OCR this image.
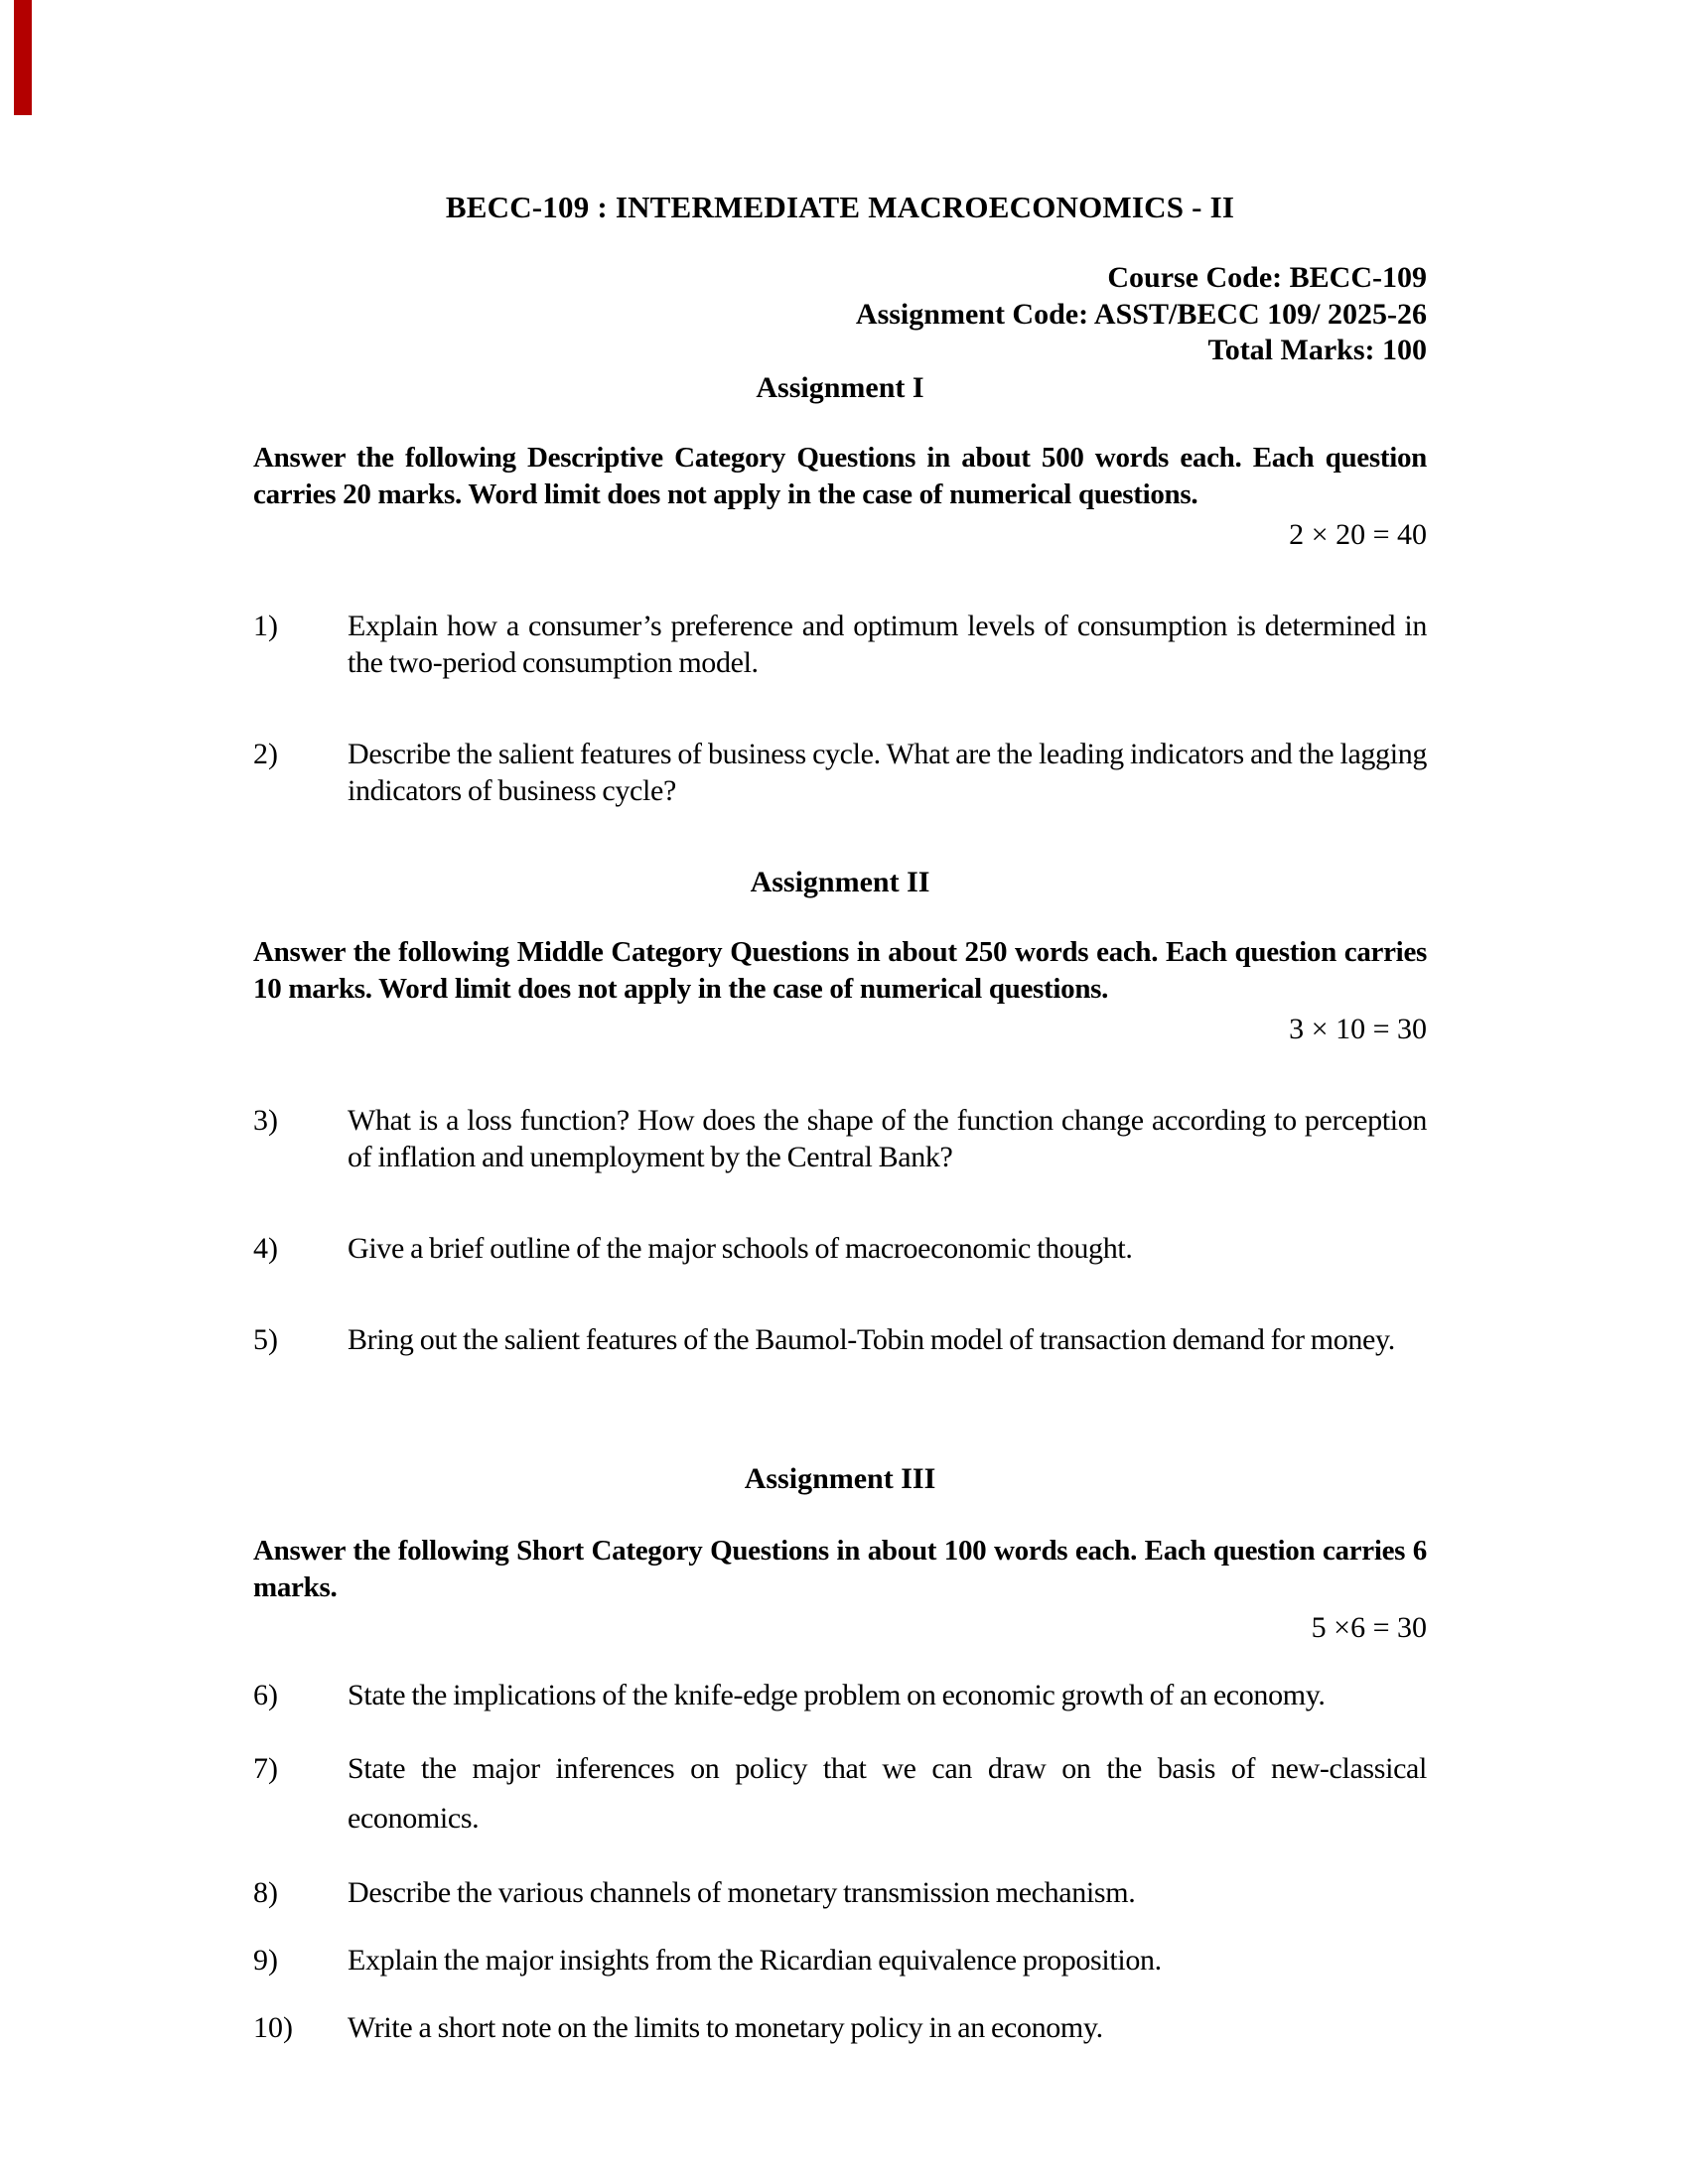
BECC-109 : INTERMEDIATE MACROECONOMICS - II
Course Code: BECC-109
Assignment Code: ASST/BECC 109/ 2025-26
Total Marks: 100
Assignment I

Answer the following Descriptive Category Questions in about 500 words each. Each question carries 20 marks. Word limit does not apply in the case of numerical questions.

2 × 20 = 40
1)	Explain how a consumer’s preference and optimum levels of consumption is determined in the two-period consumption model.
2)	Describe the salient features of business cycle. What are the leading indicators and the lagging indicators of business cycle?
Assignment II

Answer the following Middle Category Questions in about 250 words each. Each question carries 10 marks. Word limit does not apply in the case of numerical questions.

3 × 10 = 30
3)	What is a loss function? How does the shape of the function change according to perception of inflation and unemployment by the Central Bank?
4)	Give a brief outline of the major schools of macroeconomic thought.
5)	Bring out the salient features of the Baumol-Tobin model of transaction demand for money.
Assignment III

Answer the following Short Category Questions in about 100 words each. Each question carries 6 marks.

5 ×6 = 30
6)	State the implications of the knife-edge problem on economic growth of an economy.
7)	State the major inferences on policy that we can draw on the basis of new-classical economics.
8)	Describe the various channels of monetary transmission mechanism.
9)	Explain the major insights from the Ricardian equivalence proposition.
10)	Write a short note on the limits to monetary policy in an economy.
